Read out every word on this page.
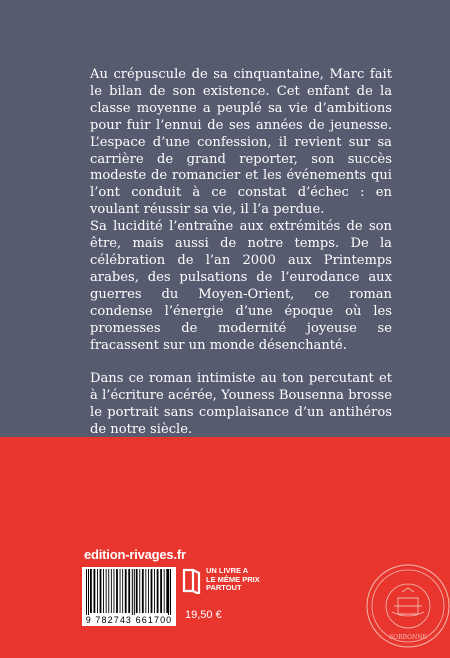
Au crépuscule de sa cinquantaine, Marc fait le bilan de son existence. Cet enfant de la classe moyenne a peuplé sa vie d’ambitions pour fuir l’ennui de ses années de jeunesse. L’espace d’une confession, il revient sur sa carrière de grand reporter, son succès modeste de romancier et les événements qui l’ont conduit à ce constat d’échec : en voulant réussir sa vie, il l’a perdue.

Sa lucidité l’entraîne aux extrémités de son être, mais aussi de notre temps. De la célébration de l’an 2000 aux Printemps arabes, des pulsations de l’eurodance aux guerres du Moyen-Orient, ce roman condense l’énergie d’une époque où les promesses de modernité joyeuse se fracassent sur un monde désenchanté.

Dans ce roman intimiste au ton percutant et à l’écriture acérée, Youness Bousenna brosse le portrait sans complaisance d’un antihéros de notre siècle.

edition-rivages.fr
9 782743 661700
UN LIVRE A
LE MÊME PRIX
PARTOUT
19,50 €
SORBONNE
